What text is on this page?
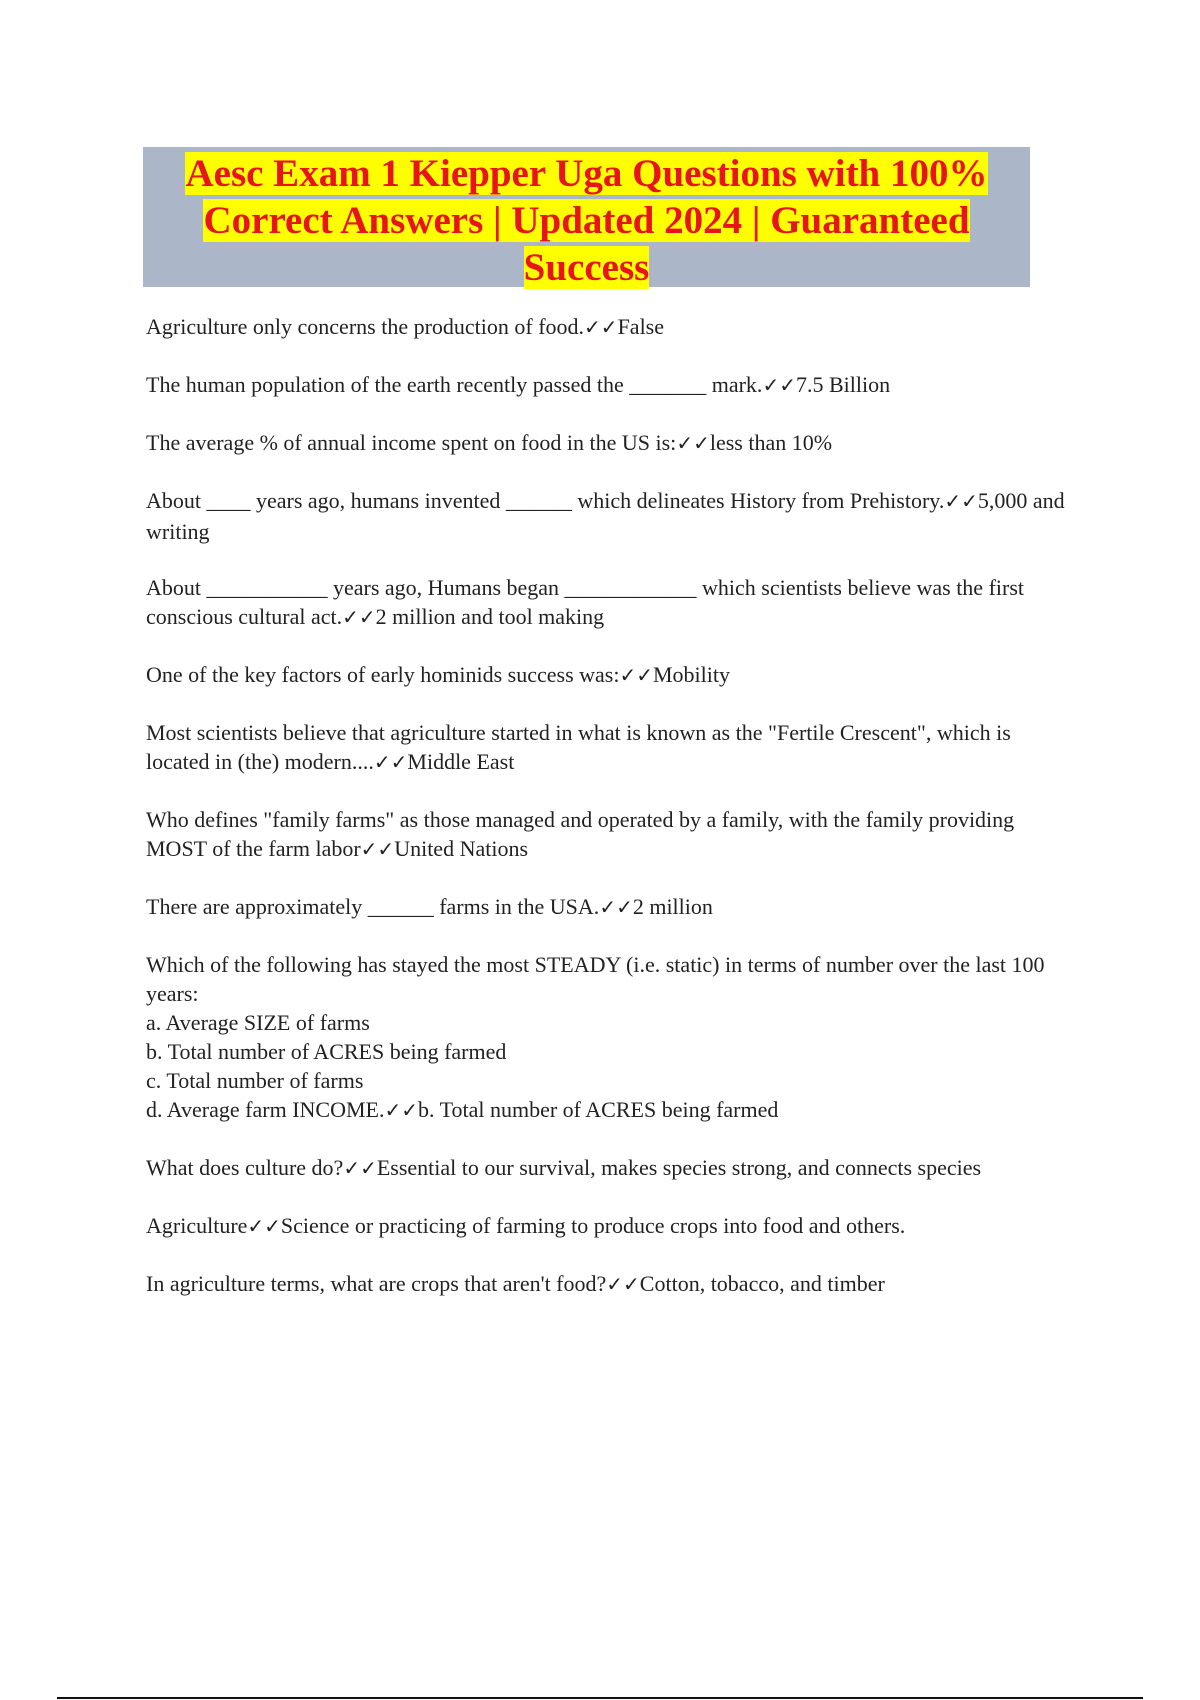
Aesc Exam 1 Kiepper Uga Questions with 100% Correct Answers | Updated 2024 | Guaranteed Success
Agriculture only concerns the production of food.✓✓False
The human population of the earth recently passed the _______ mark.✓✓7.5 Billion
The average % of annual income spent on food in the US is:✓✓less than 10%
About ____ years ago, humans invented ______ which delineates History from Prehistory.✓✓5,000 and writing
About ___________ years ago, Humans began ____________ which scientists believe was the first conscious cultural act.✓✓2 million and tool making
One of the key factors of early hominids success was:✓✓Mobility
Most scientists believe that agriculture started in what is known as the "Fertile Crescent", which is located in (the) modern....✓✓Middle East
Who defines "family farms" as those managed and operated by a family, with the family providing MOST of the farm labor✓✓United Nations
There are approximately ______ farms in the USA.✓✓2 million
Which of the following has stayed the most STEADY (i.e. static) in terms of number over the last 100 years:
a. Average SIZE of farms
b. Total number of ACRES being farmed
c. Total number of farms
d. Average farm INCOME.✓✓b. Total number of ACRES being farmed
What does culture do?✓✓Essential to our survival, makes species strong, and connects species
Agriculture✓✓Science or practicing of farming to produce crops into food and others.
In agriculture terms, what are crops that aren't food?✓✓Cotton, tobacco, and timber
